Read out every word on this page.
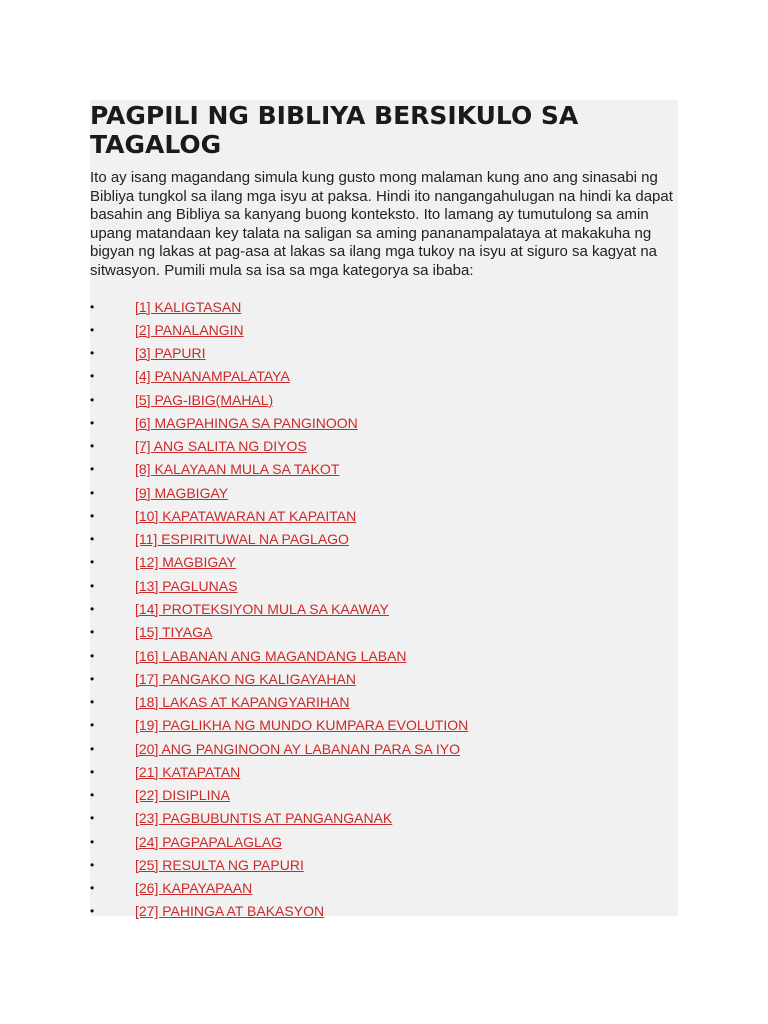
PAGPILI NG BIBLIYA BERSIKULO SA TAGALOG

Ito ay isang magandang simula kung gusto mong malaman kung ano ang sinasabi ng Bibliya tungkol sa ilang mga isyu at paksa. Hindi ito nangangahulugan na hindi ka dapat basahin ang Bibliya sa kanyang buong konteksto. Ito lamang ay tumutulong sa amin upang matandaan key talata na saligan sa aming pananampalataya at makakuha ng bigyan ng lakas at pag-asa at lakas sa ilang mga tukoy na isyu at siguro sa kagyat na sitwasyon. Pumili mula sa isa sa mga kategorya sa ibaba:

•	[1] KALIGTASAN
•	[2] PANALANGIN
•	[3] PAPURI
•	[4] PANANAMPALATAYA
•	[5] PAG-IBIG(MAHAL)
•	[6] MAGPAHINGA SA PANGINOON
•	[7] ANG SALITA NG DIYOS
•	[8] KALAYAAN MULA SA TAKOT
•	[9] MAGBIGAY
•	[10] KAPATAWARAN AT KAPAITAN
•	[11] ESPIRITUWAL NA PAGLAGO
•	[12] MAGBIGAY
•	[13] PAGLUNAS
•	[14] PROTEKSIYON MULA SA KAAWAY
•	[15] TIYAGA
•	[16] LABANAN ANG MAGANDANG LABAN
•	[17] PANGAKO NG KALIGAYAHAN
•	[18] LAKAS AT KAPANGYARIHAN
•	[19] PAGLIKHA NG MUNDO KUMPARA EVOLUTION
•	[20] ANG PANGINOON AY LABANAN PARA SA IYO
•	[21] KATAPATAN
•	[22] DISIPLINA
•	[23] PAGBUBUNTIS AT PANGANGANAK
•	[24] PAGPAPALAGLAG
•	[25] RESULTA NG PAPURI
•	[26] KAPAYAPAAN
•	[27] PAHINGA AT BAKASYON
